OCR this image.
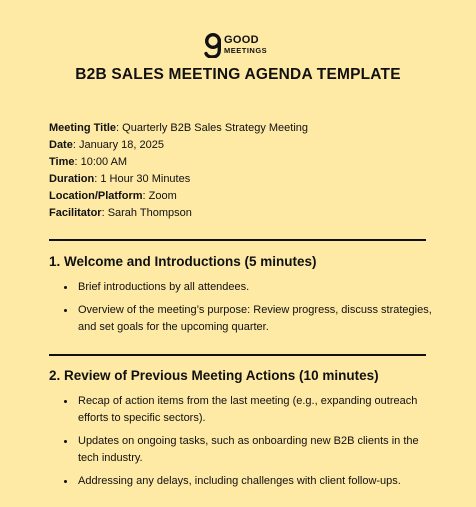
GOOD
MEETINGS
B2B SALES MEETING AGENDA TEMPLATE
Meeting Title: Quarterly B2B Sales Strategy Meeting
Date: January 18, 2025
Time: 10:00 AM
Duration: 1 Hour 30 Minutes
Location/Platform: Zoom
Facilitator: Sarah Thompson
1. Welcome and Introductions (5 minutes)
Brief introductions by all attendees.
Overview of the meeting’s purpose: Review progress, discuss strategies, and set goals for the upcoming quarter.
2. Review of Previous Meeting Actions (10 minutes)
Recap of action items from the last meeting (e.g., expanding outreach efforts to specific sectors).
Updates on ongoing tasks, such as onboarding new B2B clients in the tech industry.
Addressing any delays, including challenges with client follow-ups.
